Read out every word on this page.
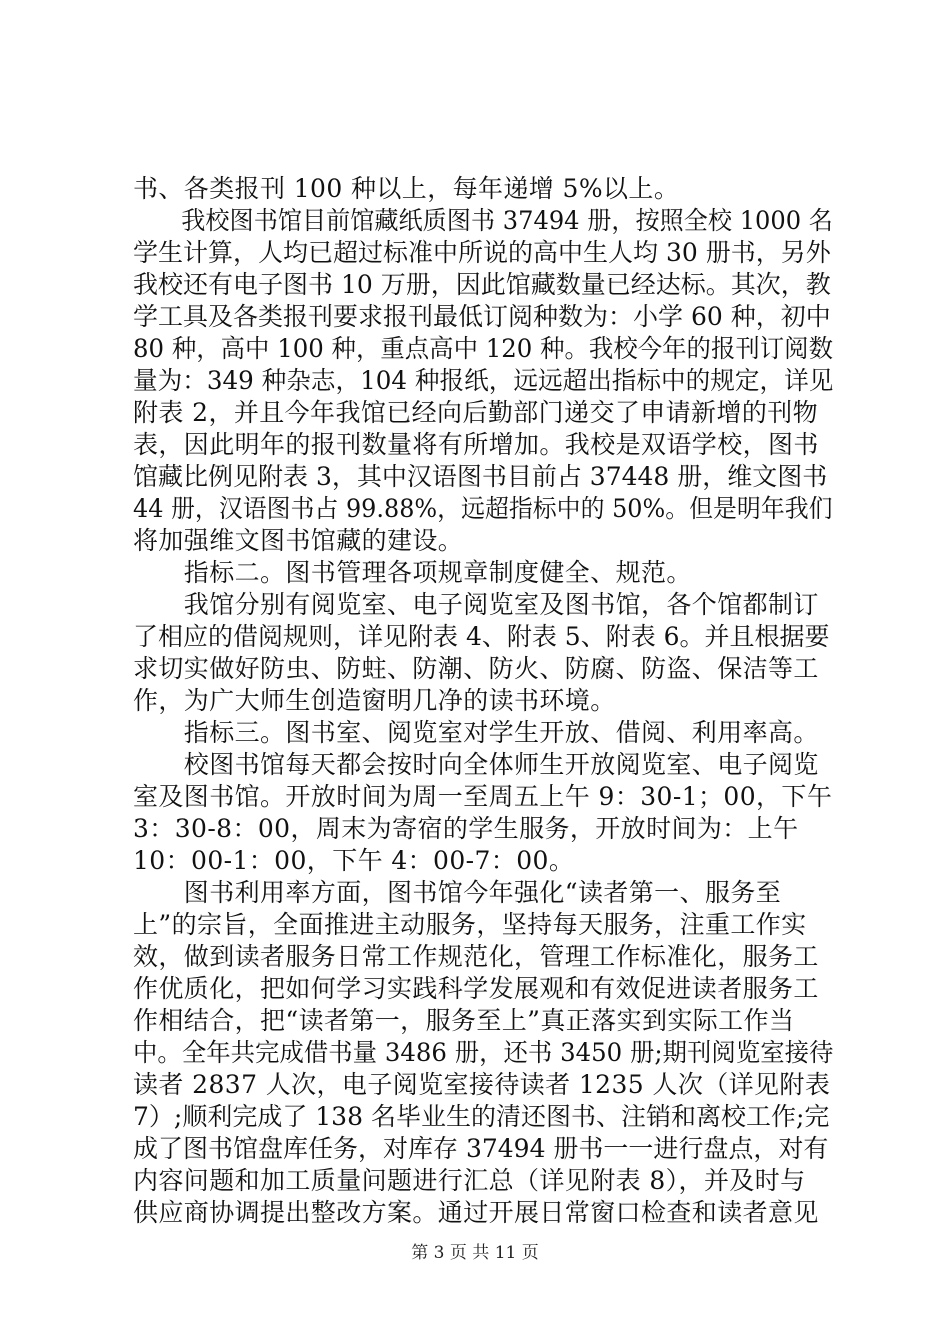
书、各类报刊 100 种以上，每年递增 5%以上。
　　我校图书馆目前馆藏纸质图书 37494 册，按照全校 1000 名
学生计算，人均已超过标准中所说的高中生人均 30 册书，另外
我校还有电子图书 10 万册，因此馆藏数量已经达标。其次，教
学工具及各类报刊要求报刊最低订阅种数为：小学 60 种，初中
80 种，高中 100 种，重点高中 120 种。我校今年的报刊订阅数
量为：349 种杂志，104 种报纸，远远超出指标中的规定，详见
附表 2，并且今年我馆已经向后勤部门递交了申请新增的刊物
表，因此明年的报刊数量将有所增加。我校是双语学校，图书
馆藏比例见附表 3，其中汉语图书目前占 37448 册，维文图书
44 册，汉语图书占 99.88%，远超指标中的 50%。但是明年我们
将加强维文图书馆藏的建设。
　　指标二。图书管理各项规章制度健全、规范。
　　我馆分别有阅览室、电子阅览室及图书馆，各个馆都制订
了相应的借阅规则，详见附表 4、附表 5、附表 6。并且根据要
求切实做好防虫、防蛀、防潮、防火、防腐、防盗、保洁等工
作，为广大师生创造窗明几净的读书环境。
　　指标三。图书室、阅览室对学生开放、借阅、利用率高。
　　校图书馆每天都会按时向全体师生开放阅览室、电子阅览
室及图书馆。开放时间为周一至周五上午 9：30-1；00，下午
3：30-8：00，周末为寄宿的学生服务，开放时间为：上午
10：00-1：00，下午 4：00-7：00。
　　图书利用率方面，图书馆今年强化“读者第一、服务至
上”的宗旨，全面推进主动服务，坚持每天服务，注重工作实
效，做到读者服务日常工作规范化，管理工作标准化，服务工
作优质化，把如何学习实践科学发展观和有效促进读者服务工
作相结合，把“读者第一，服务至上”真正落实到实际工作当
中。全年共完成借书量 3486 册，还书 3450 册;期刊阅览室接待
读者 2837 人次，电子阅览室接待读者 1235 人次（详见附表
7）;顺利完成了 138 名毕业生的清还图书、注销和离校工作;完
成了图书馆盘库任务，对库存 37494 册书一一进行盘点，对有
内容问题和加工质量问题进行汇总（详见附表 8），并及时与
供应商协调提出整改方案。通过开展日常窗口检查和读者意见
第 3 页 共 11 页
